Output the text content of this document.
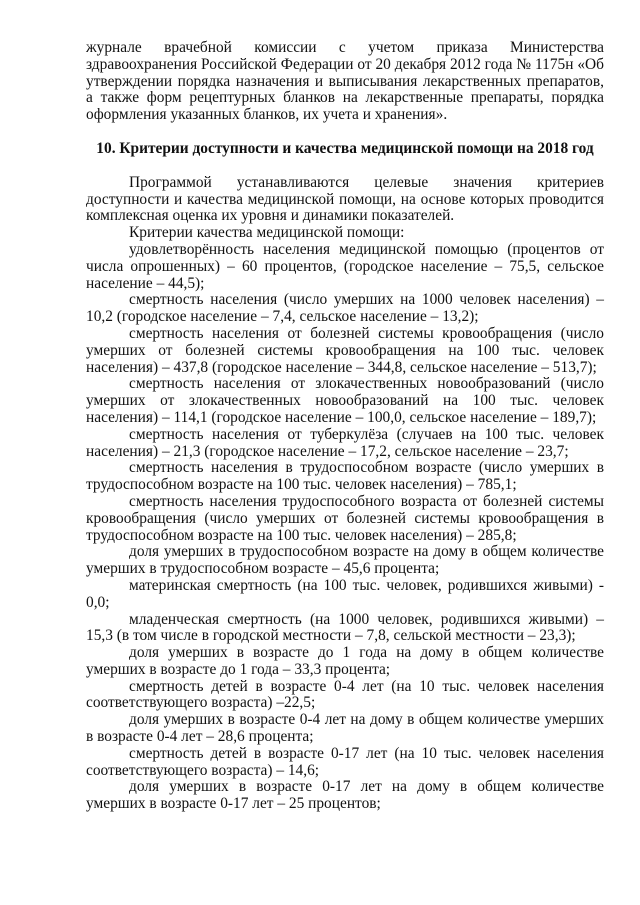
журнале врачебной комиссии с учетом приказа Министерства здравоохранения Российской Федерации от 20 декабря 2012 года № 1175н «Об утверждении порядка назначения и выписывания лекарственных препаратов, а также форм рецептурных бланков на лекарственные препараты, порядка оформления указанных бланков, их учета и хранения».

10. Критерии доступности и качества медицинской помощи на 2018 год

Программой устанавливаются целевые значения критериев доступности и качества медицинской помощи, на основе которых проводится комплексная оценка их уровня и динамики показателей.

Критерии качества медицинской помощи:

удовлетворённость населения медицинской помощью (процентов от числа опрошенных) – 60 процентов, (городское население – 75,5, сельское население – 44,5);

смертность населения (число умерших на 1000 человек населения) – 10,2 (городское население – 7,4, сельское население – 13,2);

смертность населения от болезней системы кровообращения (число умерших от болезней системы кровообращения на 100 тыс. человек населения) – 437,8 (городское население – 344,8, сельское население – 513,7);

смертность населения от злокачественных новообразований (число умерших от злокачественных новообразований на 100 тыс. человек населения) – 114,1 (городское население – 100,0, сельское население – 189,7);

смертность населения от туберкулёза (случаев на 100 тыс. человек населения) – 21,3 (городское население – 17,2, сельское население – 23,7;

смертность населения в трудоспособном возрасте (число умерших в трудоспособном возрасте на 100 тыс. человек населения) – 785,1;

смертность населения трудоспособного возраста от болезней системы кровообращения (число умерших от болезней системы кровообращения в трудоспособном возрасте на 100 тыс. человек населения) – 285,8;

доля умерших в трудоспособном возрасте на дому в общем количестве умерших в трудоспособном возрасте – 45,6 процента;

материнская смертность (на 100 тыс. человек, родившихся живыми) - 0,0;

младенческая смертность (на 1000 человек, родившихся живыми) – 15,3 (в том числе в городской местности – 7,8, сельской местности – 23,3);

доля умерших в возрасте до 1 года на дому в общем количестве умерших в возрасте до 1 года – 33,3 процента;

смертность детей в возрасте 0-4 лет (на 10 тыс. человек населения соответствующего возраста) –22,5;

доля умерших в возрасте 0-4 лет на дому в общем количестве умерших в возрасте 0-4 лет – 28,6 процента;

смертность детей в возрасте 0-17 лет (на 10 тыс. человек населения соответствующего возраста) – 14,6;

доля умерших в возрасте 0-17 лет на дому в общем количестве умерших в возрасте 0-17 лет – 25 процентов;
